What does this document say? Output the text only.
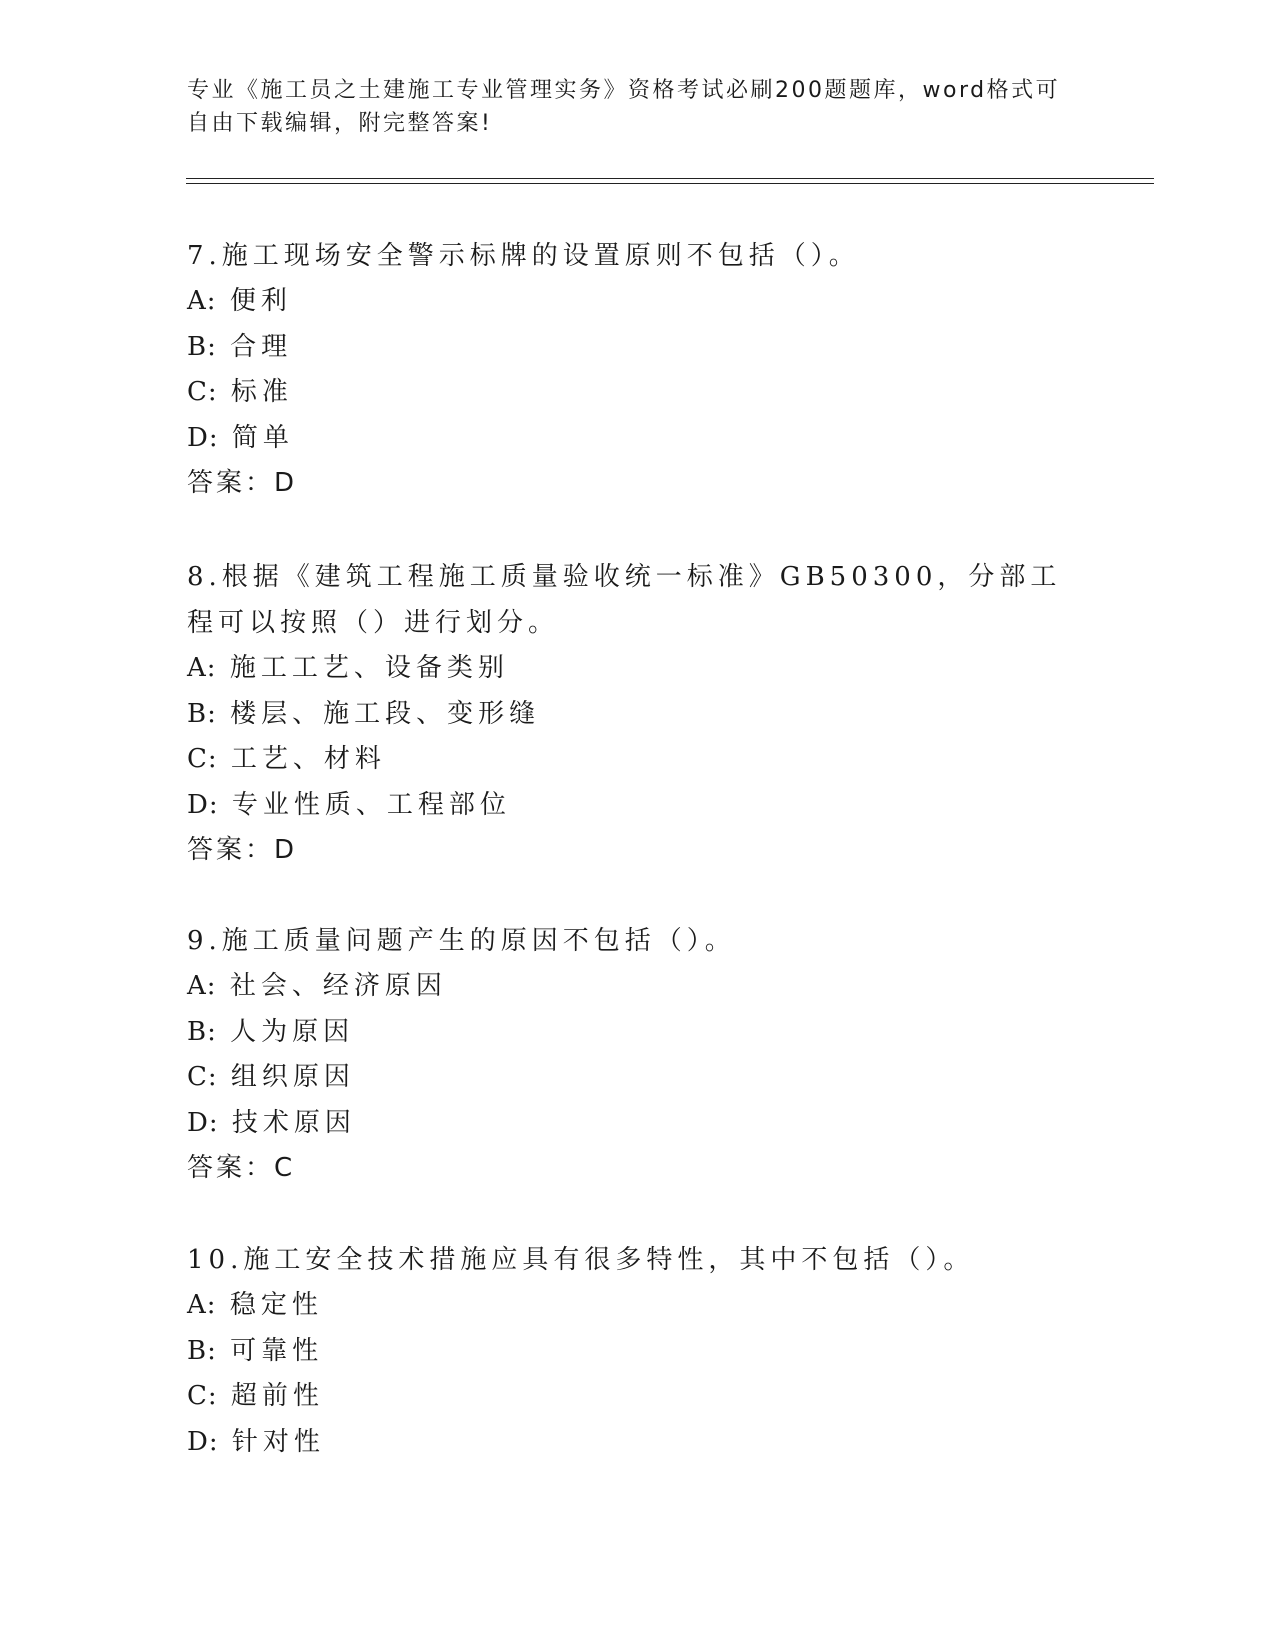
专业《施工员之土建施工专业管理实务》资格考试必刷200题题库，word格式可
自由下载编辑，附完整答案!

7.施工现场安全警示标牌的设置原则不包括（）。

A: 便利
B: 合理
C: 标准
D: 简单
答案：D

8.根据《建筑工程施工质量验收统一标准》GB50300，分部工程可以按照（）进行划分。

A: 施工工艺、设备类别
B: 楼层、施工段、变形缝
C: 工艺、材料
D: 专业性质、工程部位
答案：D

9.施工质量问题产生的原因不包括（）。

A: 社会、经济原因
B: 人为原因
C: 组织原因
D: 技术原因
答案：C

10.施工安全技术措施应具有很多特性，其中不包括（）。

A: 稳定性
B: 可靠性
C: 超前性
D: 针对性
